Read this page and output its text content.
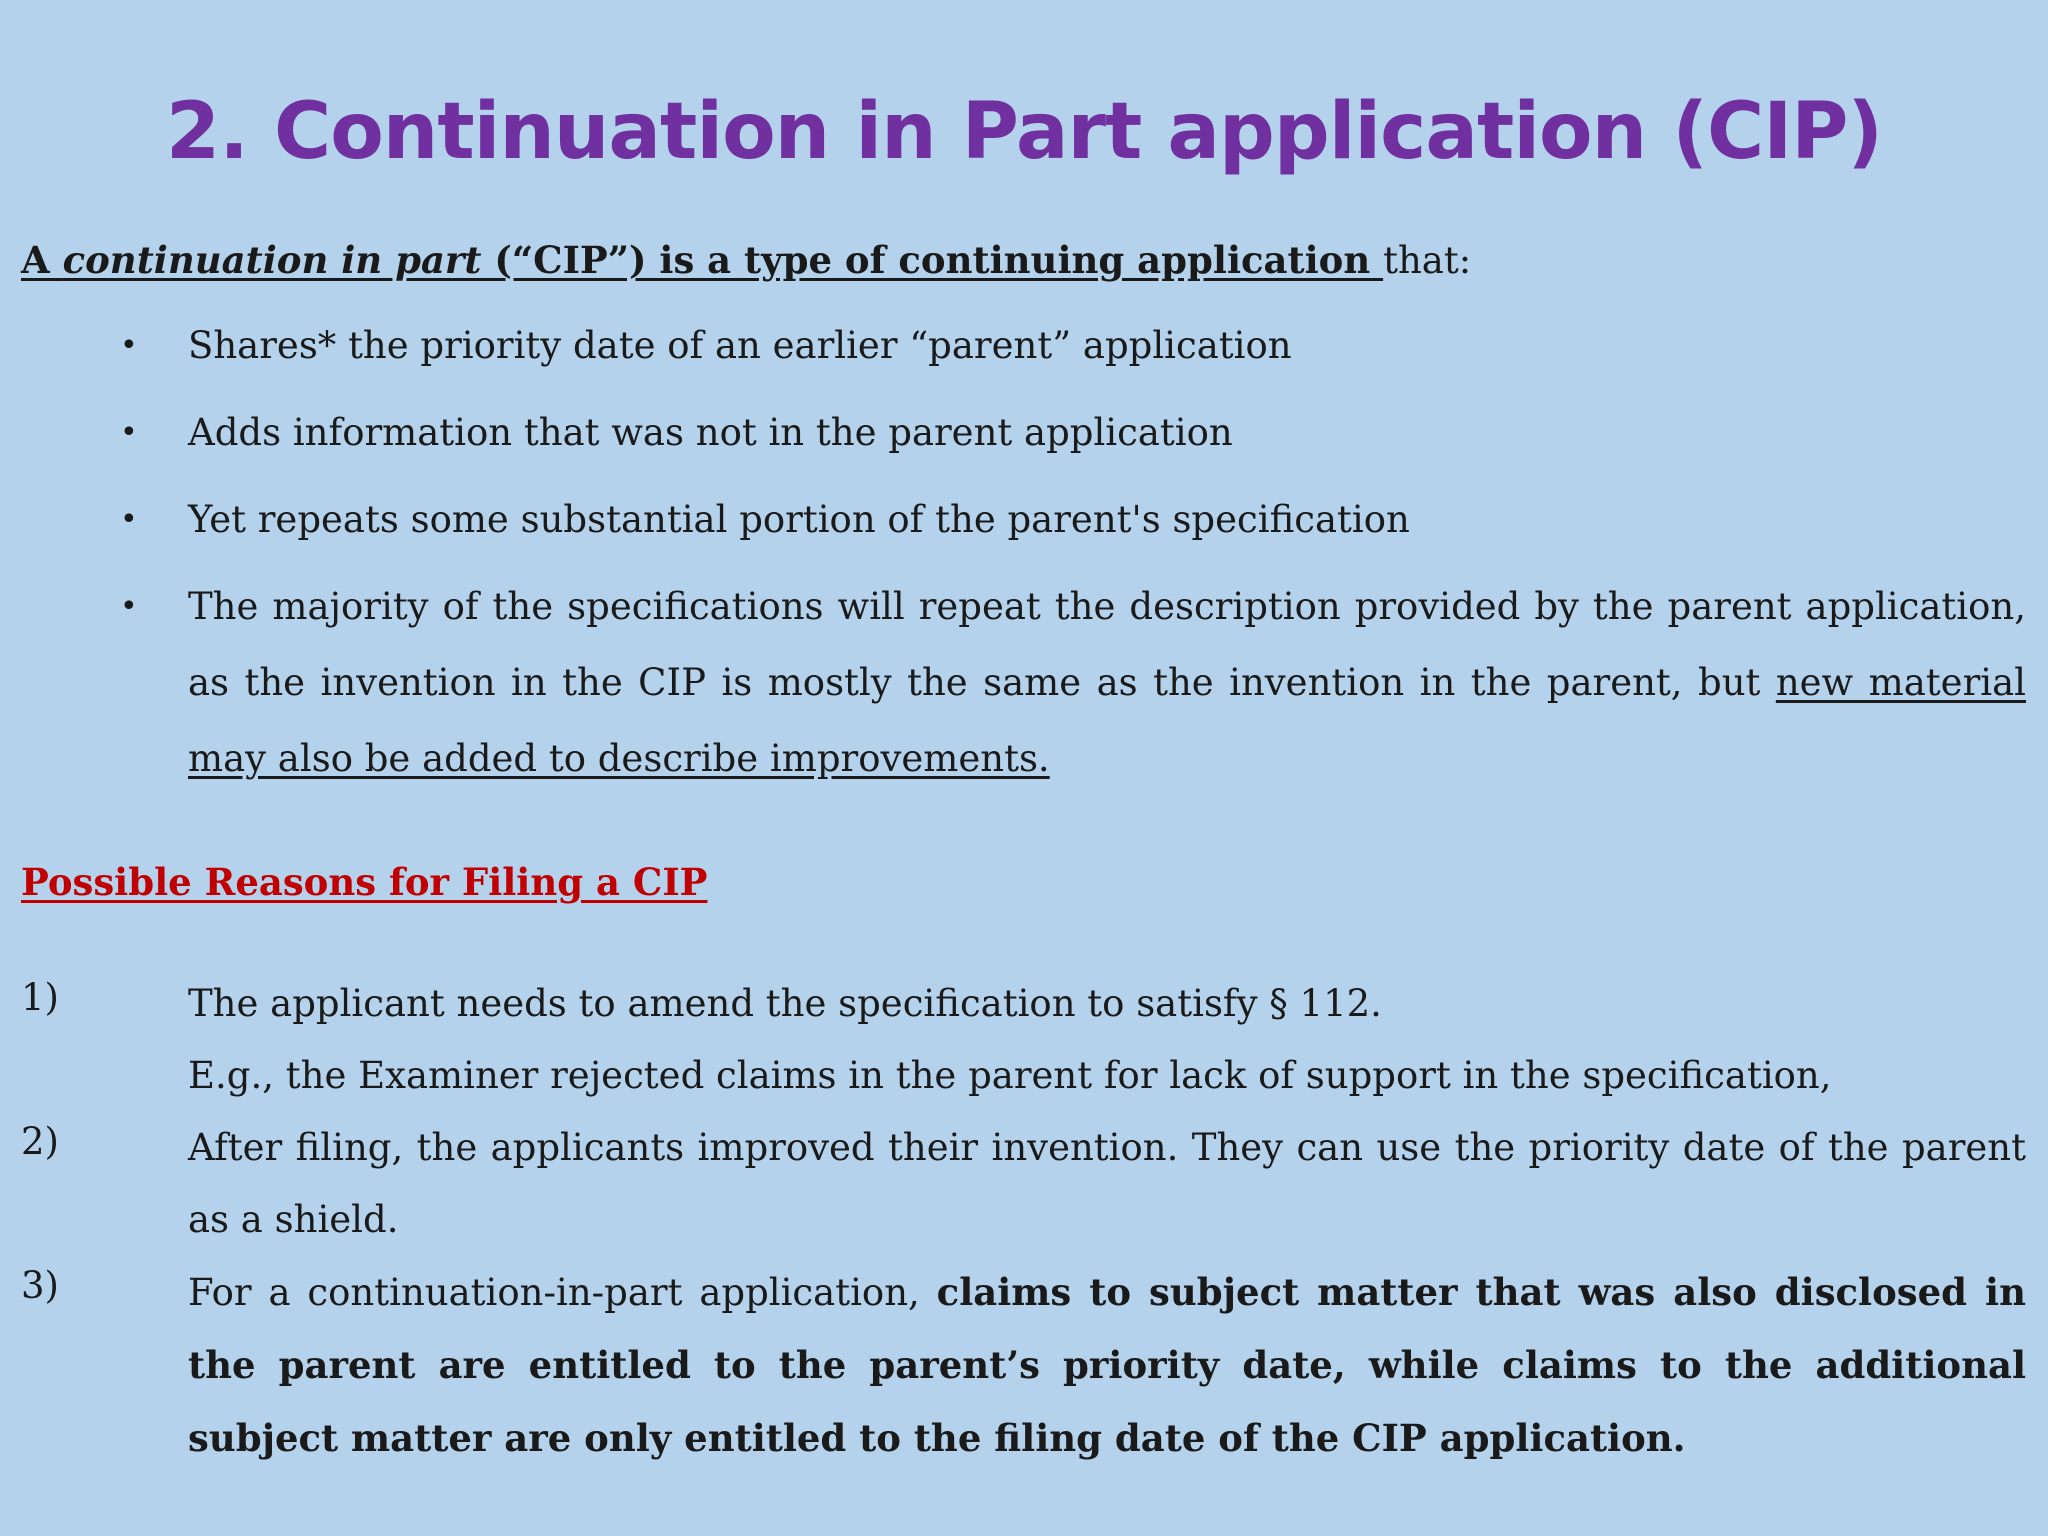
2. Continuation in Part application (CIP)
A continuation in part (“CIP”) is a type of continuing application that:
• Shares* the priority date of an earlier “parent” application
• Adds information that was not in the parent application
• Yet repeats some substantial portion of the parent's specification
• The majority of the specifications will repeat the description provided by the parent application, as the invention in the CIP is mostly the same as the invention in the parent, but new material may also be added to describe improvements.
Possible Reasons for Filing a CIP
1)	The applicant needs to amend the specification to satisfy § 112.
E.g., the Examiner rejected claims in the parent for lack of support in the specification,
2)	After filing, the applicants improved their invention. They can use the priority date of the parent as a shield.
3)	For a continuation-in-part application, claims to subject matter that was also disclosed in the parent are entitled to the parent’s priority date, while claims to the additional subject matter are only entitled to the filing date of the CIP application.
